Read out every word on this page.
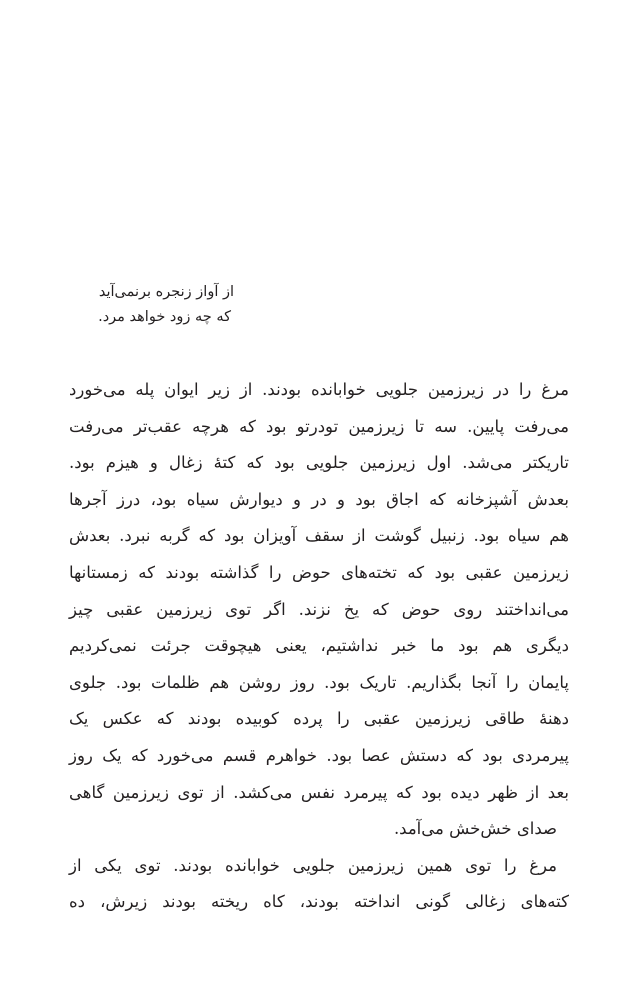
از آواز زنجره برنمی‌آید
که چه زود خواهد مرد.
مرغ را در زیرزمین جلویی خوابانده بودند. از زیر ایوان پله می‌خورد
می‌رفت پایین. سه تا زیرزمین تودرتو بود که هرچه عقب‌تر می‌رفت
تاریکتر می‌شد. اول زیرزمین جلویی بود که کتهٔ زغال و هیزم بود.
بعدش آشپزخانه که اجاق بود و در و دیوارش سیاه بود، درز آجرها
هم سیاه بود. زنبیل گوشت از سقف آویزان بود که گربه نبرد. بعدش
زیرزمین عقبی بود که تخته‌های حوض را گذاشته بودند که زمستانها
می‌انداختند روی حوض که یخ نزند. اگر توی زیرزمین عقبی چیز
دیگری هم بود ما خبر نداشتیم، یعنی هیچوقت جرئت نمی‌کردیم
پایمان را آنجا بگذاریم. تاریک بود. روز روشن هم ظلمات بود. جلوی
دهنهٔ طاقی زیرزمین عقبی را پرده کوبیده بودند که عکس یک
پیرمردی بود که دستش عصا بود. خواهرم قسم می‌خورد که یک روز
بعد از ظهر دیده بود که پیرمرد نفس می‌کشد. از توی زیرزمین گاهی
صدای خش‌خش می‌آمد.
مرغ را توی همین زیرزمین جلویی خوابانده بودند. توی یکی از
کته‌های زغالی گونی انداخته بودند، کاه ریخته بودند زیرش، ده
